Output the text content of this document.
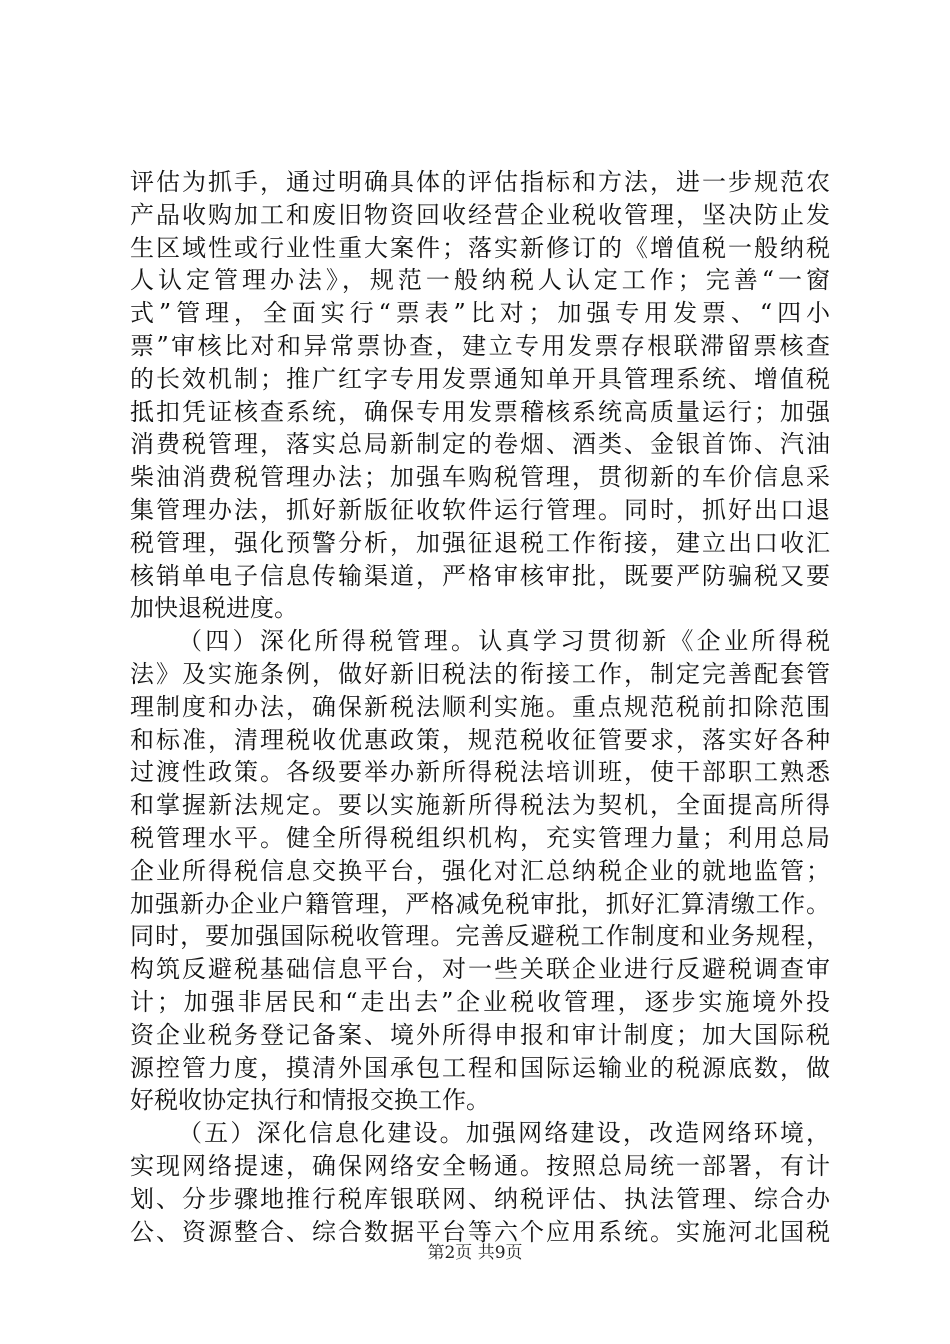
评估为抓手，通过明确具体的评估指标和方法，进一步规范农
产品收购加工和废旧物资回收经营企业税收管理，坚决防止发
生区域性或行业性重大案件；落实新修订的《增值税一般纳税
人认定管理办法》，规范一般纳税人认定工作；完善“一窗
式”管理，全面实行“票表”比对；加强专用发票、“四小
票”审核比对和异常票协查，建立专用发票存根联滞留票核查
的长效机制；推广红字专用发票通知单开具管理系统、增值税
抵扣凭证核查系统，确保专用发票稽核系统高质量运行；加强
消费税管理，落实总局新制定的卷烟、酒类、金银首饰、汽油
柴油消费税管理办法；加强车购税管理，贯彻新的车价信息采
集管理办法，抓好新版征收软件运行管理。同时，抓好出口退
税管理，强化预警分析，加强征退税工作衔接，建立出口收汇
核销单电子信息传输渠道，严格审核审批，既要严防骗税又要
加快退税进度。
（四）深化所得税管理。认真学习贯彻新《企业所得税
法》及实施条例，做好新旧税法的衔接工作，制定完善配套管
理制度和办法，确保新税法顺利实施。重点规范税前扣除范围
和标准，清理税收优惠政策，规范税收征管要求，落实好各种
过渡性政策。各级要举办新所得税法培训班，使干部职工熟悉
和掌握新法规定。要以实施新所得税法为契机，全面提高所得
税管理水平。健全所得税组织机构，充实管理力量；利用总局
企业所得税信息交换平台，强化对汇总纳税企业的就地监管；
加强新办企业户籍管理，严格减免税审批，抓好汇算清缴工作。
同时，要加强国际税收管理。完善反避税工作制度和业务规程，
构筑反避税基础信息平台，对一些关联企业进行反避税调查审
计；加强非居民和“走出去”企业税收管理，逐步实施境外投
资企业税务登记备案、境外所得申报和审计制度；加大国际税
源控管力度，摸清外国承包工程和国际运输业的税源底数，做
好税收协定执行和情报交换工作。
（五）深化信息化建设。加强网络建设，改造网络环境，
实现网络提速，确保网络安全畅通。按照总局统一部署，有计
划、分步骤地推行税库银联网、纳税评估、执法管理、综合办
公、资源整合、综合数据平台等六个应用系统。实施河北国税
第2页 共9页
